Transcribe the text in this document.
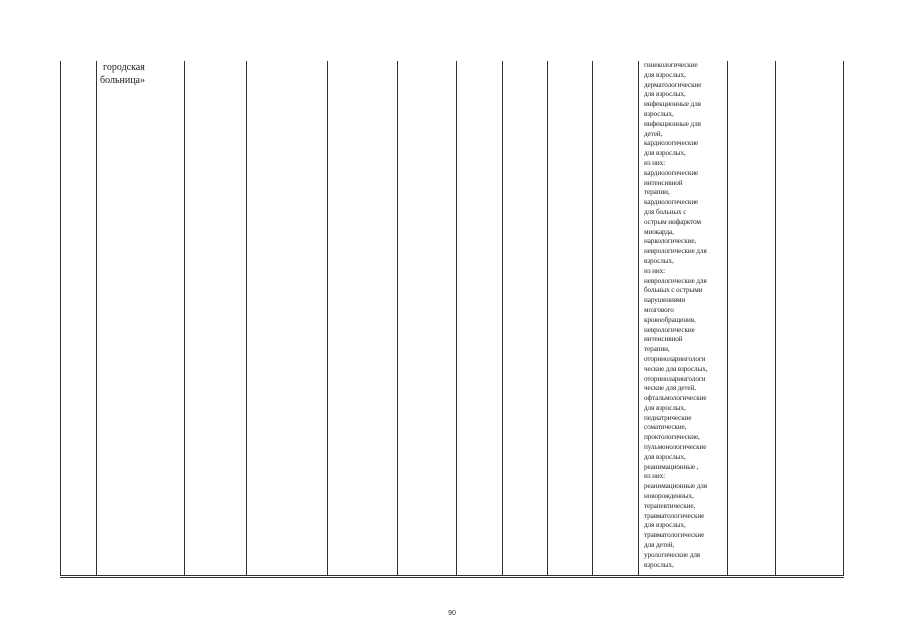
городская
больница»
гинекологические
для взрослых,
дерматологические
для взрослых,
инфекционные для
взрослых,
инфекционные для
детей,
кардиологические
для взрослых,
из них:
кардиологические
интенсивной
терапии,
кардиологические
для больных с
острым инфарктом
миокарда,
наркологические,
неврологические для
взрослых,
из них:
неврологические для
больных с острыми
нарушениями
мозгового
кровообращения,
неврологические
интенсивной
терапии,
оториноларингологи
ческие для взрослых,
оториноларингологи
ческие для детей,
офтальмологические
для взрослых,
педиатрические
соматические,
проктологические,
пульмонологические
для взрослых,
реанимационные ,
из них:
реанимационные для
новорожденных,
терапевтические,
травматологические
для взрослых,
травматологические
для детей,
урологические для
взрослых,
90
